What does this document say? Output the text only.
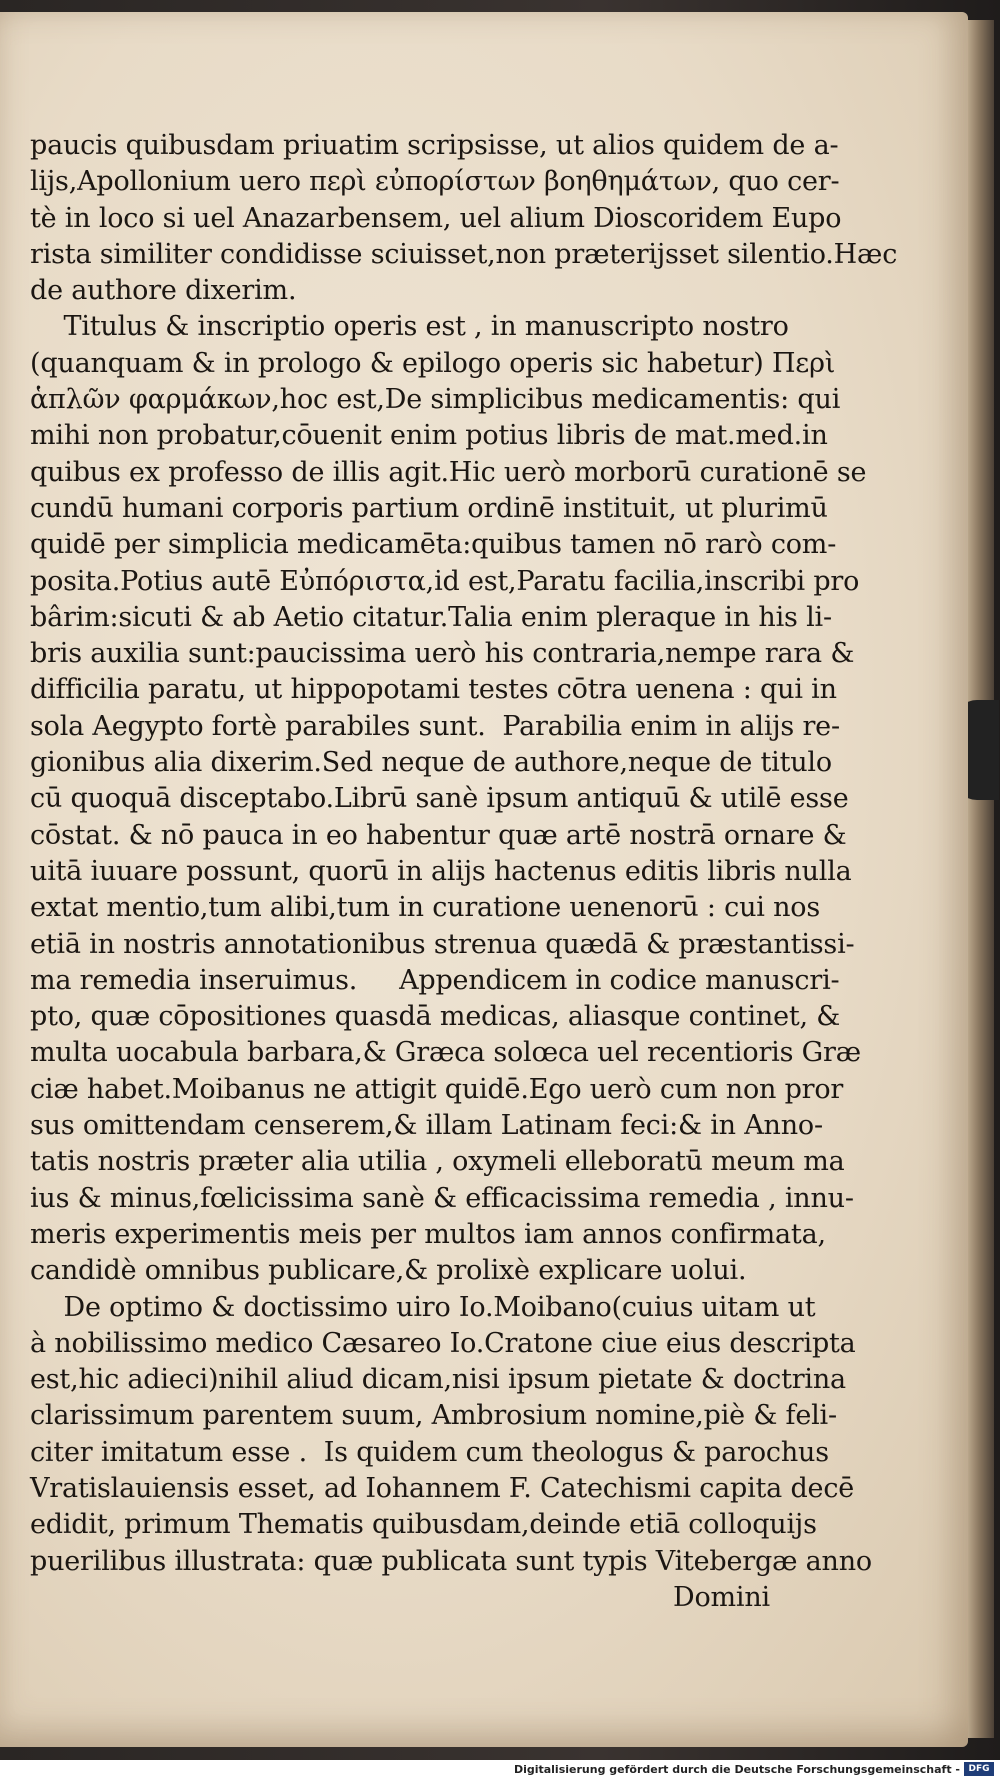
paucis quibusdam priuatim scripsisse, ut alios quidem de a-
lijs,Apollonium uero περὶ εὐπορίστων βοηθημάτων, quo cer-
tè in loco si uel Anazarbensem, uel alium Dioscoridem Eupo
rista similiter condidisse sciuisset,non præterijsset silentio.Hæc
de authore dixerim.
Titulus & inscriptio operis est , in manuscripto nostro
(quanquam & in prologo & epilogo operis sic habetur) Περὶ
ἁπλῶν φαρμάκων,hoc est,De simplicibus medicamentis: qui
mihi non probatur,cōuenit enim potius libris de mat.med.in
quibus ex professo de illis agit.Hic uerò morborū curationē se
cundū humani corporis partium ordinē instituit, ut plurimū
quidē per simplicia medicamēta:quibus tamen nō rarò com-
posita.Potius autē Εὐπόριστα,id est,Paratu facilia,inscribi pro
bârim:sicuti & ab Aetio citatur.Talia enim pleraque in his li-
bris auxilia sunt:paucissima uerò his contraria,nempe rara &
difficilia paratu, ut hippopotami testes cōtra uenena : qui in
sola Aegypto fortè parabiles sunt.  Parabilia enim in alijs re-
gionibus alia dixerim.Sed neque de authore,neque de titulo
cū quoquā disceptabo.Librū sanè ipsum antiquū & utilē esse
cōstat. & nō pauca in eo habentur quæ artē nostrā ornare &
uitā iuuare possunt, quorū in alijs hactenus editis libris nulla
extat mentio,tum alibi,tum in curatione uenenorū : cui nos
etiā in nostris annotationibus strenua quædā & præstantissi-
ma remedia inseruimus.     Appendicem in codice manuscri-
pto, quæ cōpositiones quasdā medicas, aliasque continet, &
multa uocabula barbara,& Græca solœca uel recentioris Græ
ciæ habet.Moibanus ne attigit quidē.Ego uerò cum non pror
sus omittendam censerem,& illam Latinam feci:& in Anno-
tatis nostris præter alia utilia , oxymeli elleboratū meum ma
ius & minus,fœlicissima sanè & efficacissima remedia , innu-
meris experimentis meis per multos iam annos confirmata,
candidè omnibus publicare,& prolixè explicare uolui.
De optimo & doctissimo uiro Io.Moibano(cuius uitam ut
à nobilissimo medico Cæsareo Io.Cratone ciue eius descripta
est,hic adieci)nihil aliud dicam,nisi ipsum pietate & doctrina
clarissimum parentem suum, Ambrosium nomine,piè & feli-
citer imitatum esse .  Is quidem cum theologus & parochus
Vratislauiensis esset, ad Iohannem F. Catechismi capita decē
edidit, primum Thematis quibusdam,deinde etiā colloquijs
puerilibus illustrata: quæ publicata sunt typis Vitebergæ anno
Domini
Digitalisierung gefördert durch die Deutsche Forschungsgemeinschaft - DFG
